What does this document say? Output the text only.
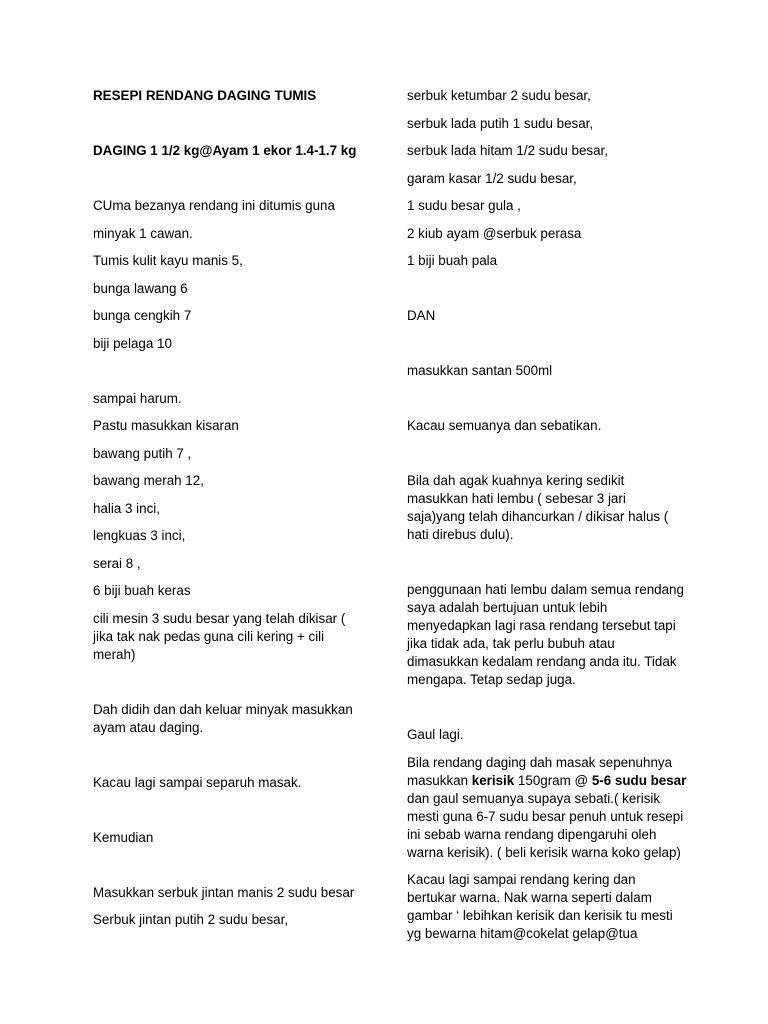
RESEPI RENDANG DAGING TUMIS

DAGING 1 1/2 kg@Ayam 1 ekor 1.4-1.7 kg

CUma bezanya rendang ini ditumis guna

minyak 1 cawan.

Tumis kulit kayu manis 5,

bunga lawang 6

bunga cengkih 7

biji pelaga 10

sampai harum.

Pastu masukkan kisaran

bawang putih 7 ,

bawang merah 12,

halia 3 inci,

lengkuas 3 inci,

serai 8 ,

6 biji buah keras

cili mesin 3 sudu besar yang telah dikisar ( jika tak nak pedas guna cili kering + cili merah)

Dah didih dan dah keluar minyak masukkan ayam atau daging.

Kacau lagi sampai separuh masak.

Kemudian

Masukkan serbuk jintan manis 2 sudu besar

Serbuk jintan putih 2 sudu besar,

serbuk ketumbar 2 sudu besar,

serbuk lada putih 1 sudu besar,

serbuk lada hitam 1/2 sudu besar,

garam kasar 1/2 sudu besar,

1 sudu besar gula ,

2 kiub ayam @serbuk perasa

1 biji buah pala

DAN

masukkan santan 500ml

Kacau semuanya dan sebatikan.

Bila dah agak kuahnya kering sedikit masukkan hati lembu ( sebesar 3 jari saja)yang telah dihancurkan / dikisar halus ( hati direbus dulu).

penggunaan hati lembu dalam semua rendang saya adalah bertujuan untuk lebih menyedapkan lagi rasa rendang tersebut tapi jika tidak ada, tak perlu bubuh atau dimasukkan kedalam rendang anda itu. Tidak mengapa. Tetap sedap juga.

Gaul lagi.

Bila rendang daging dah masak sepenuhnya masukkan kerisik 150gram @ 5-6 sudu besar dan gaul semuanya supaya sebati.( kerisik mesti guna 6-7 sudu besar penuh untuk resepi ini sebab warna rendang dipengaruhi oleh warna kerisik). ( beli kerisik warna koko gelap)

Kacau lagi sampai rendang kering dan bertukar warna. Nak warna seperti dalam gambar ‘ lebihkan kerisik dan kerisik tu mesti yg bewarna hitam@cokelat gelap@tua
